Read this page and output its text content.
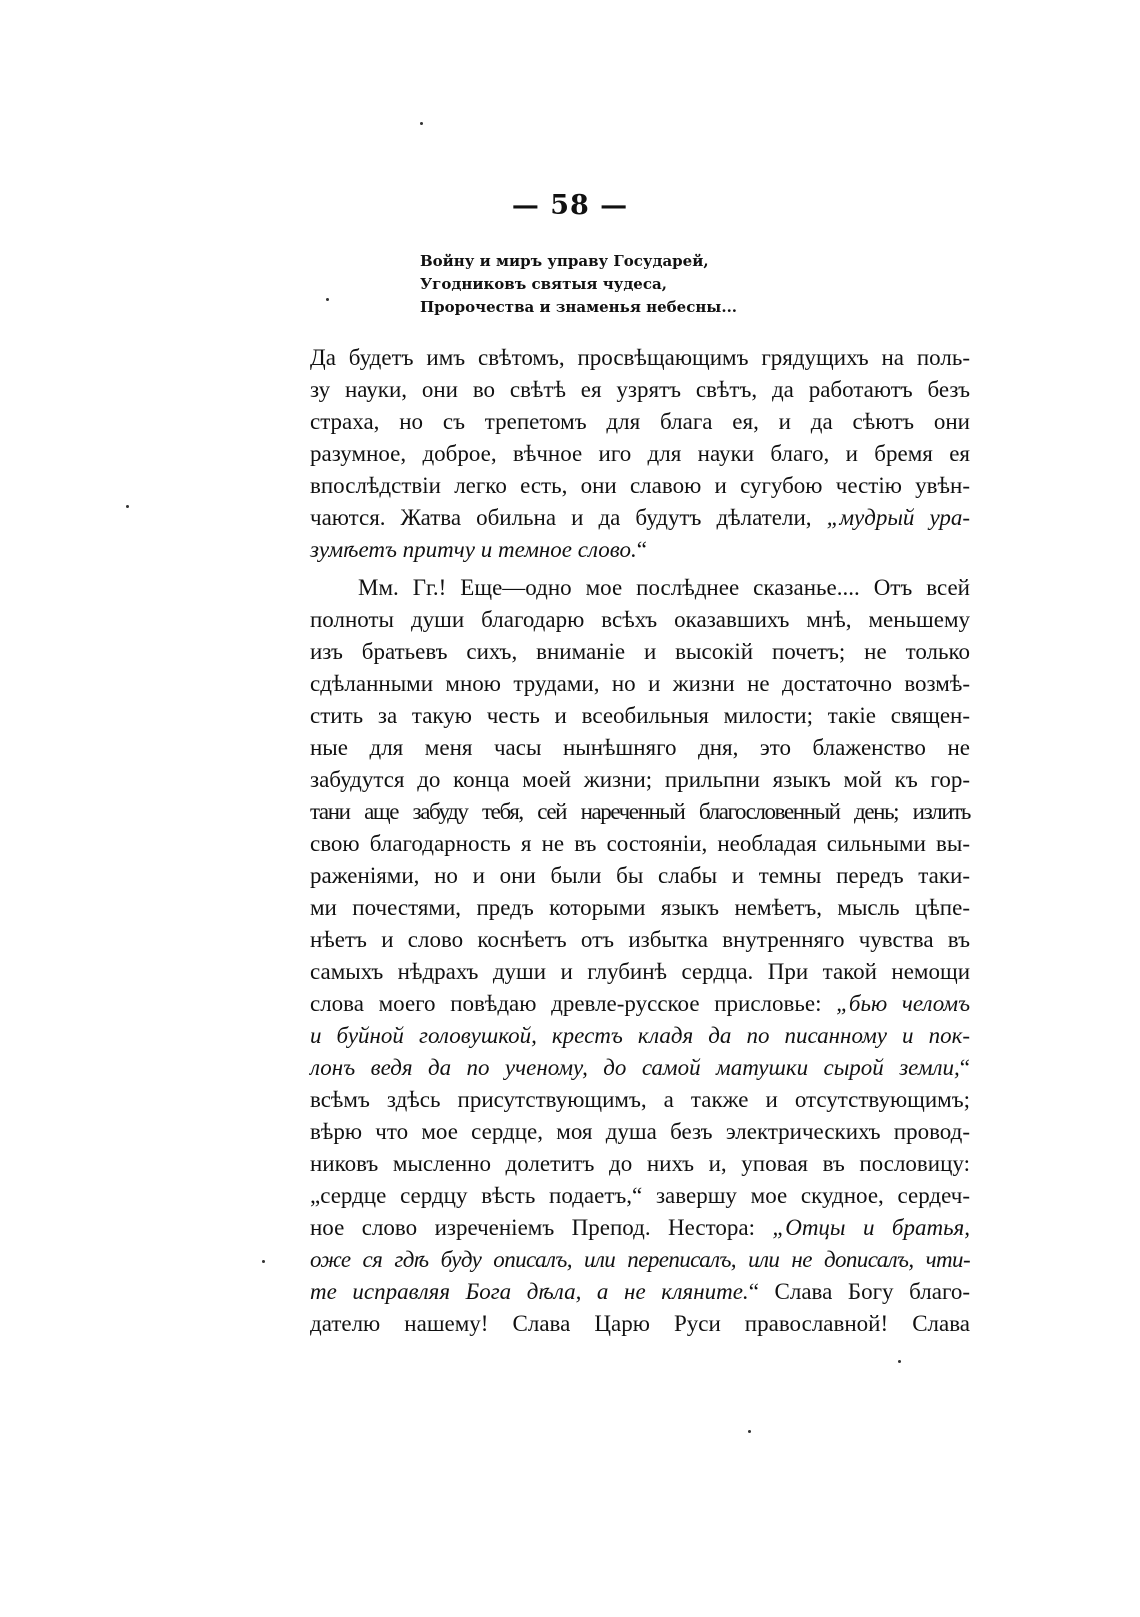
— 58 —
Войну и миръ управу Государей,
Угодниковъ святыя чудеса,
Пророчества и знаменья небесны...
Да будетъ имъ свѣтомъ, просвѣщающимъ грядущихъ на поль-
зу науки, они во свѣтѣ ея узрятъ свѣтъ, да работаютъ безъ
страха, но съ трепетомъ для блага ея, и да сѣютъ они
разумное, доброе, вѣчное иго для науки благо, и бремя ея
впослѣдствіи легко есть, они славою и сугубою честію увѣн-
чаются. Жатва обильна и да будутъ дѣлатели, „мудрый ура-
зумѣетъ притчу и темное слово.“
Мм. Гг.! Еще—одно мое послѣднее сказанье.... Отъ всей
полноты души благодарю всѣхъ оказавшихъ мнѣ, меньшему
изъ братьевъ сихъ, вниманіе и высокій почетъ; не только
сдѣланными мною трудами, но и жизни не достаточно возмѣ-
стить за такую честь и всеобильныя милости; такіе священ-
ные для меня часы нынѣшняго дня, это блаженство не
забудутся до конца моей жизни; прильпни языкъ мой къ гор-
тани аще забуду тебя, сей нареченный благословенный день; излить
свою благодарность я не въ состояніи, необладая сильными вы-
раженіями, но и они были бы слабы и темны передъ таки-
ми почестями, предъ которыми языкъ немѣетъ, мысль цѣпе-
нѣетъ и слово коснѣетъ отъ избытка внутренняго чувства въ
самыхъ нѣдрахъ души и глубинѣ сердца. При такой немощи
слова моего повѣдаю древле-русское присловье: „бью челомъ
и буйной головушкой, крестъ кладя да по писанному и пок-
лонъ ведя да по ученому, до самой матушки сырой земли,“
всѣмъ здѣсь присутствующимъ, а также и отсутствующимъ;
вѣрю что мое сердце, моя душа безъ электрическихъ провод-
никовъ мысленно долетитъ до нихъ и, уповая въ пословицу:
„сердце сердцу вѣсть подаетъ,“ завершу мое скудное, сердеч-
ное слово изреченіемъ Препод. Нестора: „Отцы и братья,
оже ся гдѣ буду описалъ, или переписалъ, или не дописалъ, чти-
те исправляя Бога дѣла, а не кляните.“ Слава Богу благо-
дателю нашему! Слава Царю Руси православной! Слава
